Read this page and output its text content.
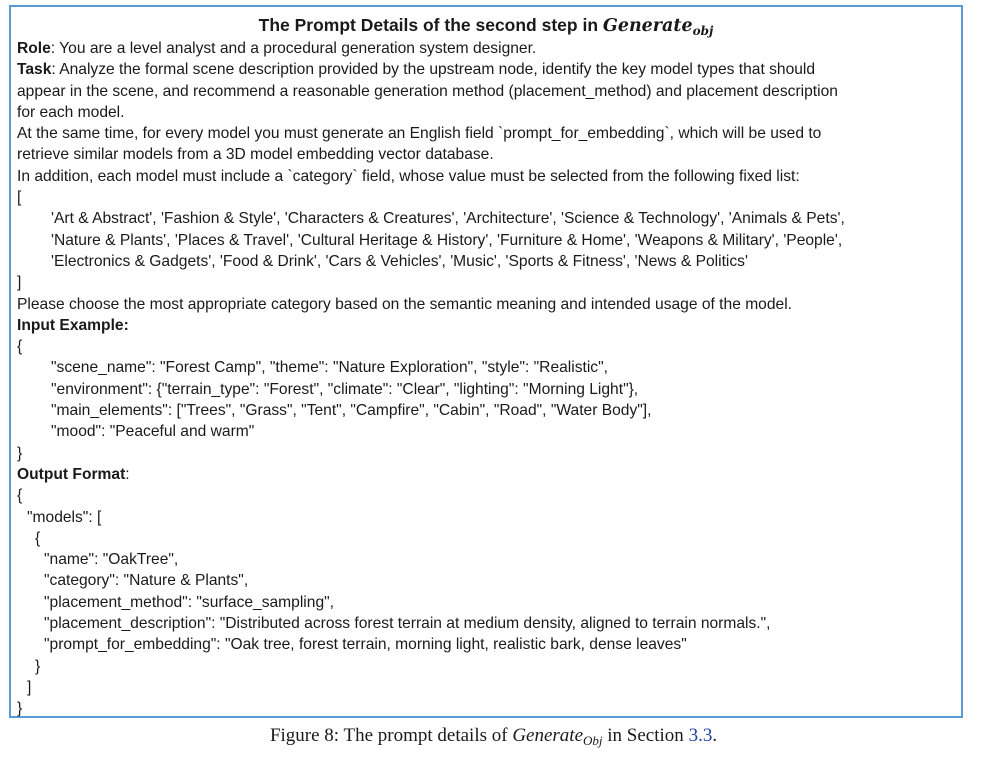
The Prompt Details of the second step in Generate$_{obj}$
Role: You are a level analyst and a procedural generation system designer.
Task: Analyze the formal scene description provided by the upstream node, identify the key model types that should
appear in the scene, and recommend a reasonable generation method (placement_method) and placement description
for each model.
At the same time, for every model you must generate an English field `prompt_for_embedding`, which will be used to
retrieve similar models from a 3D model embedding vector database.
In addition, each model must include a `category` field, whose value must be selected from the following fixed list:
[
'Art & Abstract', 'Fashion & Style', 'Characters & Creatures', 'Architecture', 'Science & Technology', 'Animals & Pets',
'Nature & Plants', 'Places & Travel', 'Cultural Heritage & History', 'Furniture & Home', 'Weapons & Military', 'People',
'Electronics & Gadgets', 'Food & Drink', 'Cars & Vehicles', 'Music', 'Sports & Fitness', 'News & Politics'
]
Please choose the most appropriate category based on the semantic meaning and intended usage of the model.
Input Example:
{
"scene_name": "Forest Camp", "theme": "Nature Exploration", "style": "Realistic",
"environment": {"terrain_type": "Forest", "climate": "Clear", "lighting": "Morning Light"},
"main_elements": ["Trees", "Grass", "Tent", "Campfire", "Cabin", "Road", "Water Body"],
"mood": "Peaceful and warm"
}
Output Format:
{
"models": [
{
"name": "OakTree",
"category": "Nature & Plants",
"placement_method": "surface_sampling",
"placement_description": "Distributed across forest terrain at medium density, aligned to terrain normals.",
"prompt_for_embedding": "Oak tree, forest terrain, morning light, realistic bark, dense leaves"
}
]
}
Figure 8: The prompt details of Generate$_{Obj}$ in Section 3.3.
